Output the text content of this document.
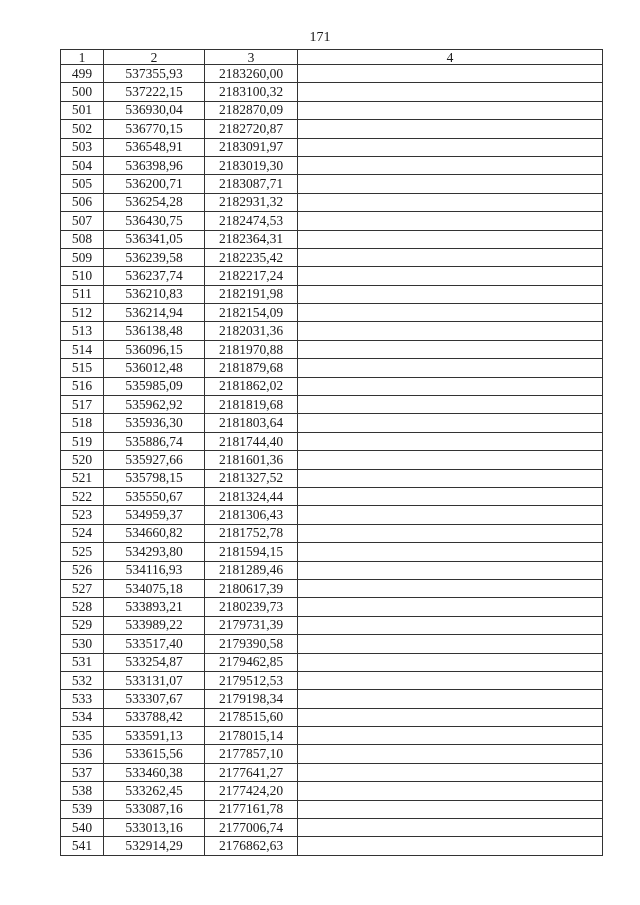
171
1	2	3	4
499	537355,93	2183260,00	
500	537222,15	2183100,32	
501	536930,04	2182870,09	
502	536770,15	2182720,87	
503	536548,91	2183091,97	
504	536398,96	2183019,30	
505	536200,71	2183087,71	
506	536254,28	2182931,32	
507	536430,75	2182474,53	
508	536341,05	2182364,31	
509	536239,58	2182235,42	
510	536237,74	2182217,24	
511	536210,83	2182191,98	
512	536214,94	2182154,09	
513	536138,48	2182031,36	
514	536096,15	2181970,88	
515	536012,48	2181879,68	
516	535985,09	2181862,02	
517	535962,92	2181819,68	
518	535936,30	2181803,64	
519	535886,74	2181744,40	
520	535927,66	2181601,36	
521	535798,15	2181327,52	
522	535550,67	2181324,44	
523	534959,37	2181306,43	
524	534660,82	2181752,78	
525	534293,80	2181594,15	
526	534116,93	2181289,46	
527	534075,18	2180617,39	
528	533893,21	2180239,73	
529	533989,22	2179731,39	
530	533517,40	2179390,58	
531	533254,87	2179462,85	
532	533131,07	2179512,53	
533	533307,67	2179198,34	
534	533788,42	2178515,60	
535	533591,13	2178015,14	
536	533615,56	2177857,10	
537	533460,38	2177641,27	
538	533262,45	2177424,20	
539	533087,16	2177161,78	
540	533013,16	2177006,74	
541	532914,29	2176862,63	
